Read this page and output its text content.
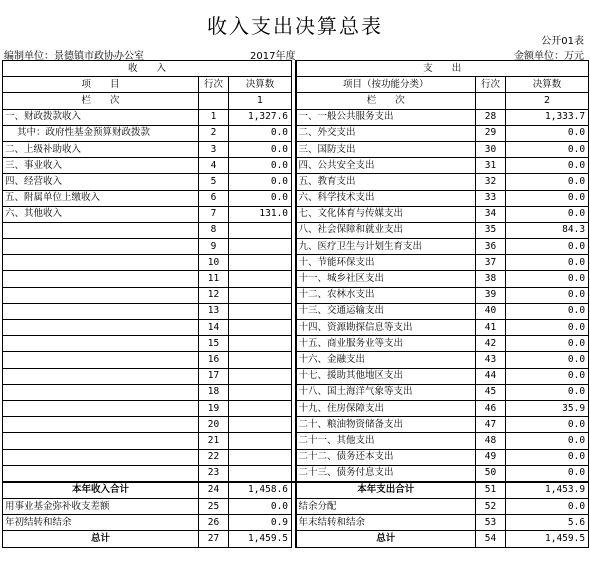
收入支出决算总表
公开01表
编制单位：景德镇市政协办公室	2017年度	金额单位：万元
收　　入				支　　出		
项　　目	行次	决算数		项目（按功能分类）	行次	决算数
栏　　次		1		栏　　次		2
一、财政拨款收入	1	1,327.6		一、一般公共服务支出	28	1,333.7
其中：政府性基金预算财政拨款	2	0.0		二、外交支出	29	0.0
二、上级补助收入	3	0.0		三、国防支出	30	0.0
三、事业收入	4	0.0		四、公共安全支出	31	0.0
四、经营收入	5	0.0		五、教育支出	32	0.0
五、附属单位上缴收入	6	0.0		六、科学技术支出	33	0.0
六、其他收入	7	131.0		七、文化体育与传媒支出	34	0.0
	8			八、社会保障和就业支出	35	84.3
	9			九、医疗卫生与计划生育支出	36	0.0
	10			十、节能环保支出	37	0.0
	11			十一、城乡社区支出	38	0.0
	12			十二、农林水支出	39	0.0
	13			十三、交通运输支出	40	0.0
	14			十四、资源勘探信息等支出	41	0.0
	15			十五、商业服务业等支出	42	0.0
	16			十六、金融支出	43	0.0
	17			十七、援助其他地区支出	44	0.0
	18			十八、国土海洋气象等支出	45	0.0
	19			十九、住房保障支出	46	35.9
	20			二十、粮油物资储备支出	47	0.0
	21			二十一、其他支出	48	0.0
	22			二十二、债务还本支出	49	0.0
	23			二十三、债务付息支出	50	0.0
本年收入合计	24	1,458.6		本年支出合计	51	1,453.9
用事业基金弥补收支差额	25	0.0		结余分配	52	0.0
年初结转和结余	26	0.9		年末结转和结余	53	5.6
总计	27	1,459.5		总计	54	1,459.5
